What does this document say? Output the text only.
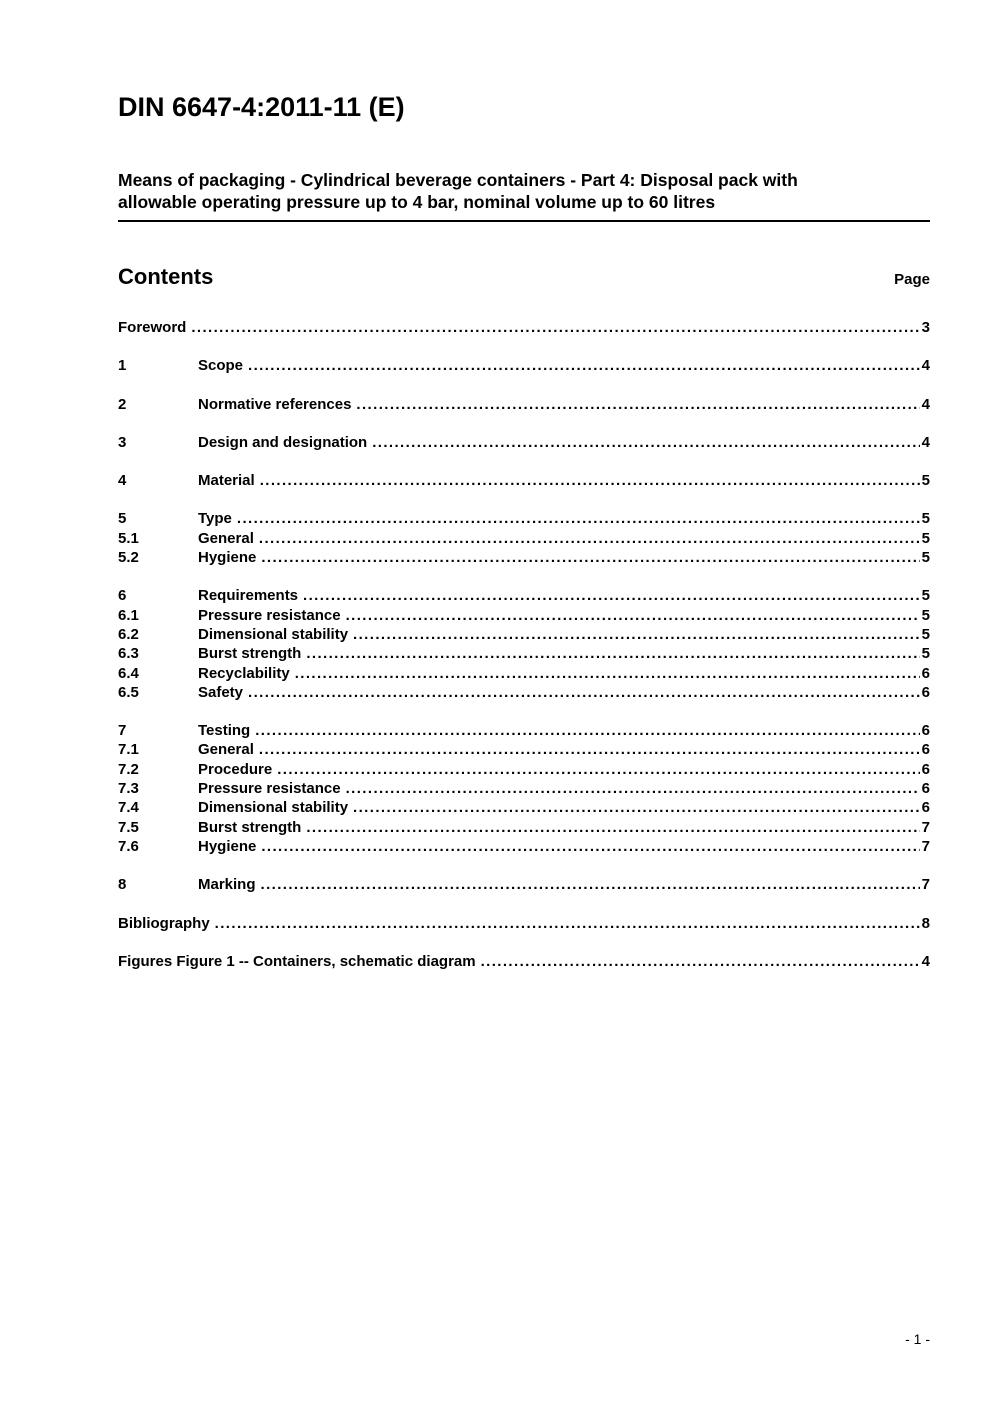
DIN 6647-4:2011-11 (E)
Means of packaging - Cylindrical beverage containers - Part 4: Disposal pack with
allowable operating pressure up to 4 bar, nominal volume up to 60 litres
Contents	Page
Foreword .....	3
1	Scope .....	4
2	Normative references .....	4
3	Design and designation .....	4
4	Material .....	5
5	Type .....	5
5.1	General .....	5
5.2	Hygiene .....	5
6	Requirements .....	5
6.1	Pressure resistance .....	5
6.2	Dimensional stability .....	5
6.3	Burst strength .....	5
6.4	Recyclability .....	6
6.5	Safety .....	6
7	Testing .....	6
7.1	General .....	6
7.2	Procedure .....	6
7.3	Pressure resistance .....	6
7.4	Dimensional stability .....	6
7.5	Burst strength .....	7
7.6	Hygiene .....	7
8	Marking .....	7
Bibliography .....	8
Figures Figure 1 -- Containers, schematic diagram .....	4
- 1 -
